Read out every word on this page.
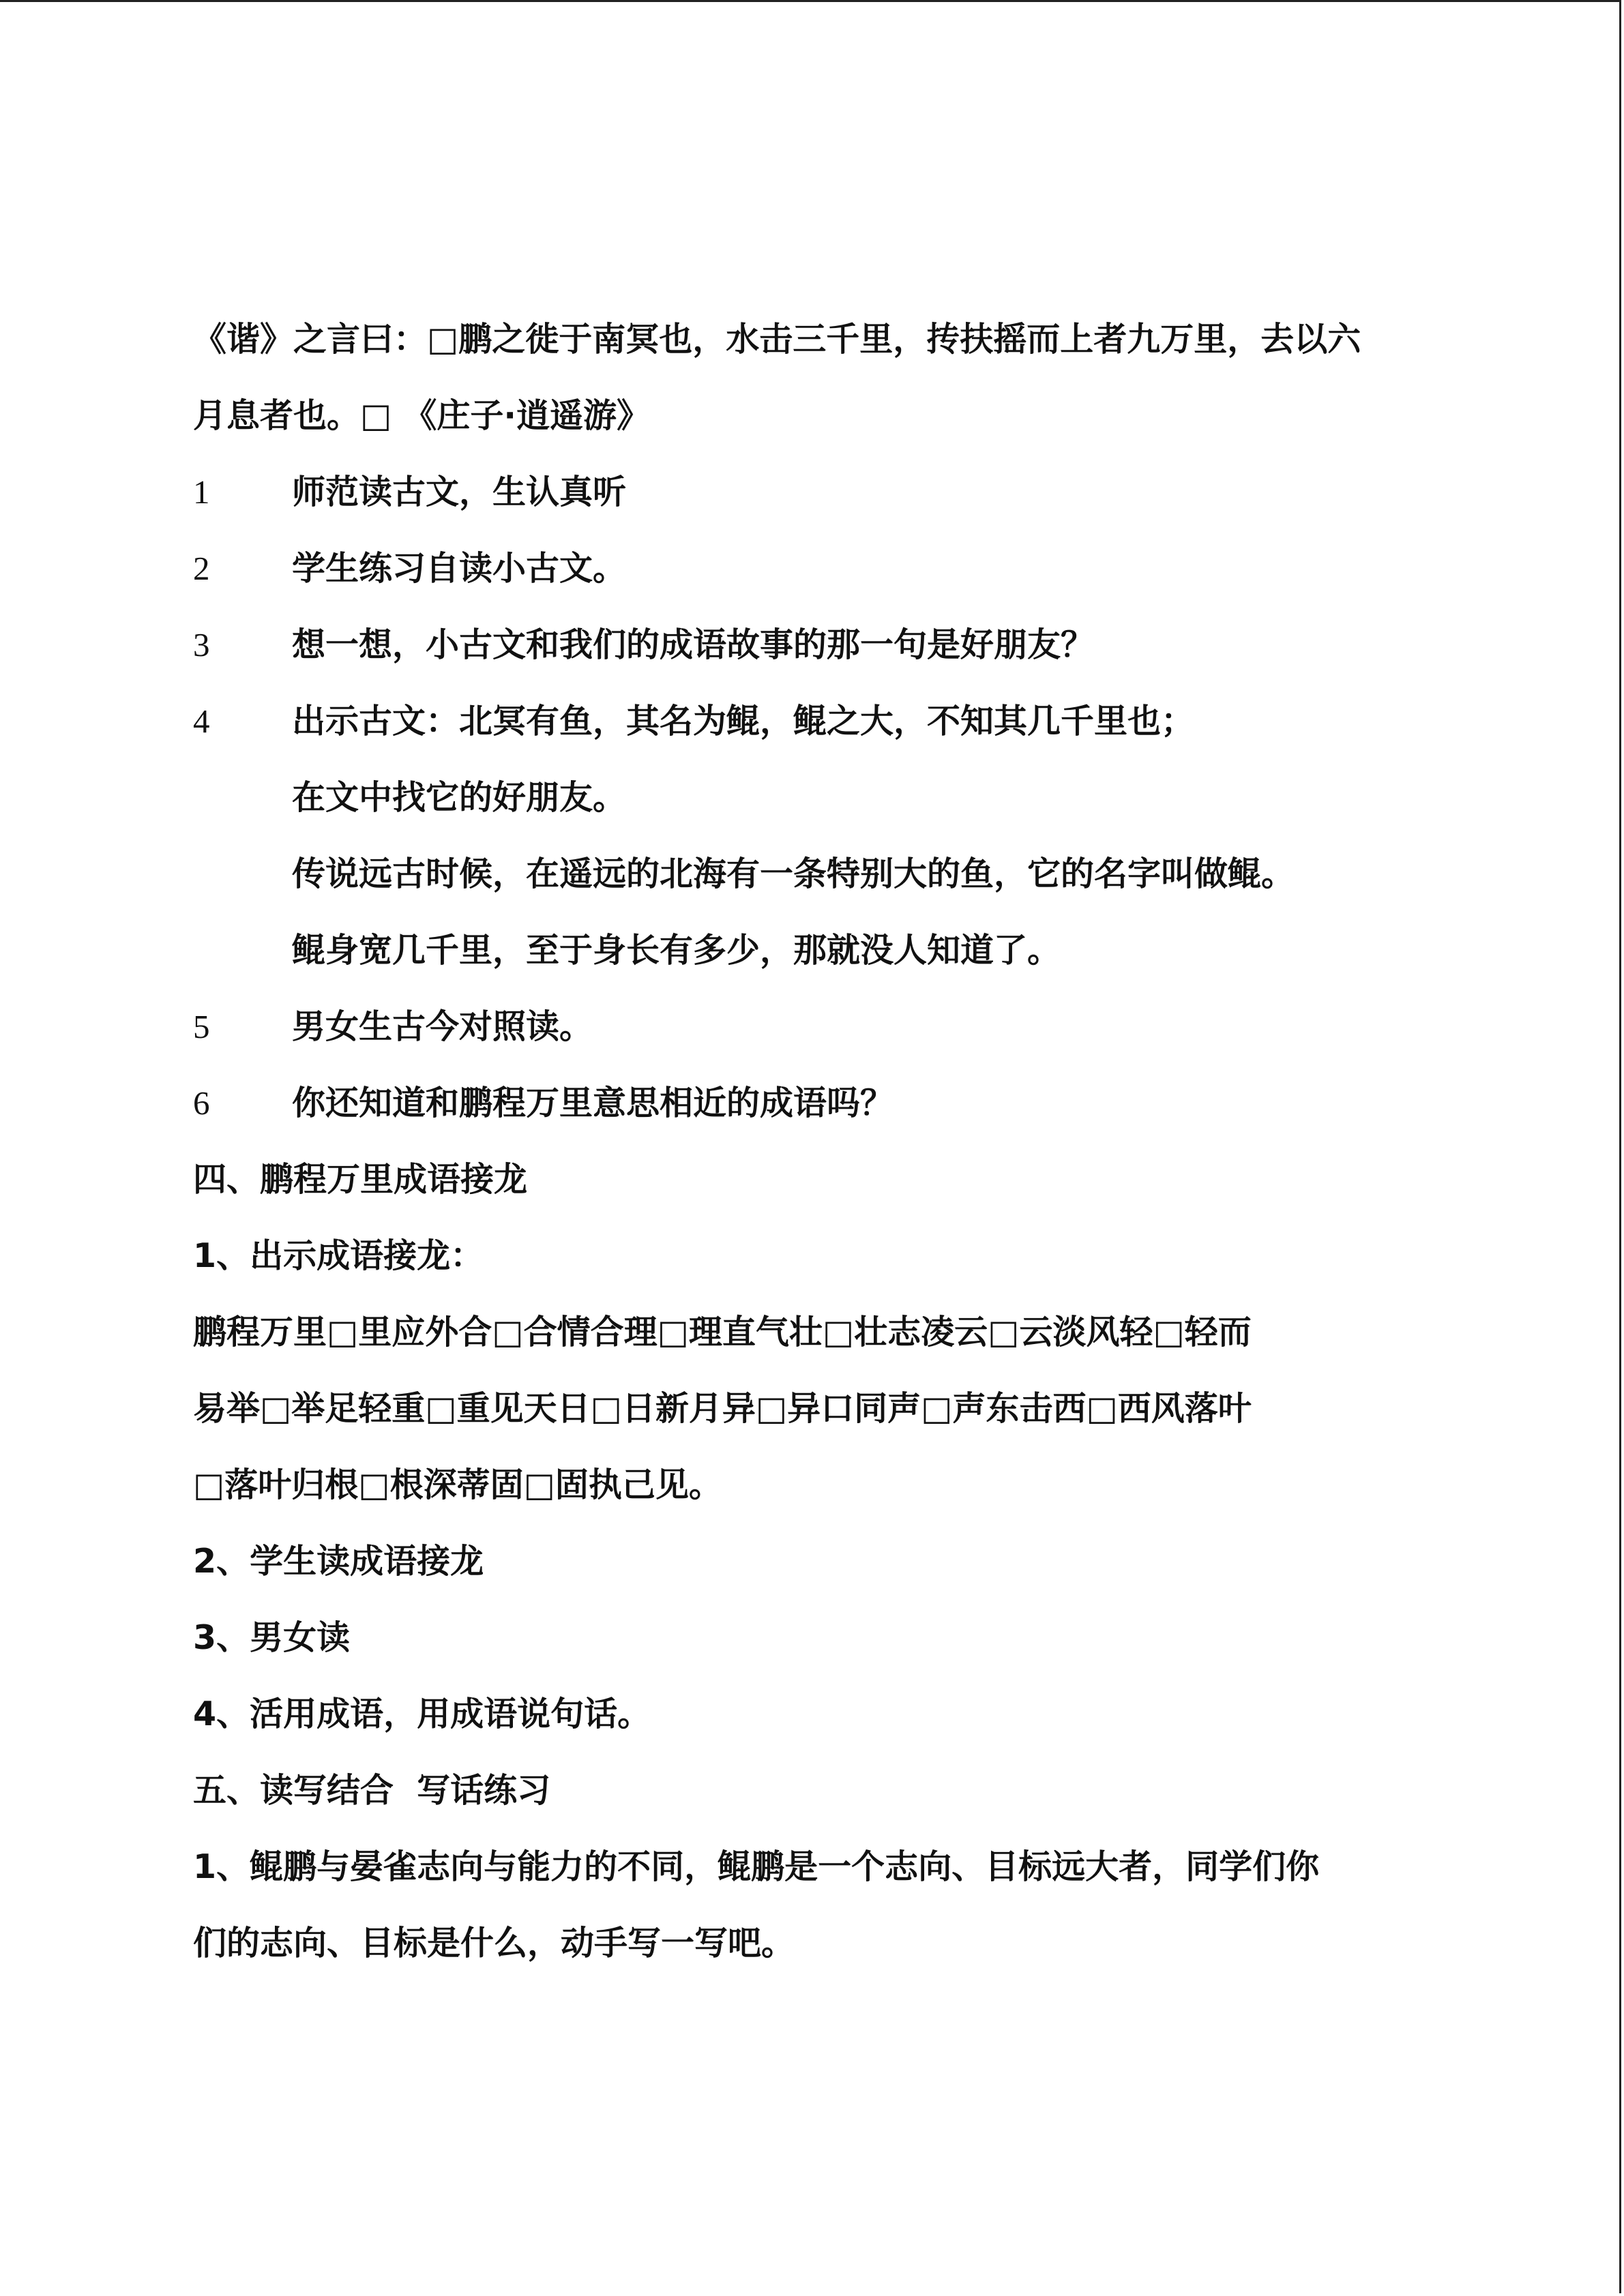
《谐》之言曰：□鹏之徙于南冥也，水击三千里，抟扶摇而上者九万里，去以六
月息者也。□ 《庄子·逍遥游》
1	师范读古文，生认真听
2	学生练习自读小古文。
3	想一想，小古文和我们的成语故事的那一句是好朋友？
4	出示古文：北冥有鱼，其名为鲲，鲲之大，不知其几千里也；
在文中找它的好朋友。
传说远古时候，在遥远的北海有一条特别大的鱼，它的名字叫做鲲。
鲲身宽几千里，至于身长有多少，那就没人知道了。
5	男女生古今对照读。
6	你还知道和鹏程万里意思相近的成语吗？
四、鹏程万里成语接龙
1、出示成语接龙：
鹏程万里□里应外合□合情合理□理直气壮□壮志凌云□云淡风轻□轻而
易举□举足轻重□重见天日□日新月异□异口同声□声东击西□西风落叶
□落叶归根□根深蒂固□固执己见。
2、学生读成语接龙
3、男女读
4、活用成语，用成语说句话。
五、读写结合  写话练习
1、鲲鹏与晏雀志向与能力的不同，鲲鹏是一个志向、目标远大者，同学们你
们的志向、目标是什么，动手写一写吧。
